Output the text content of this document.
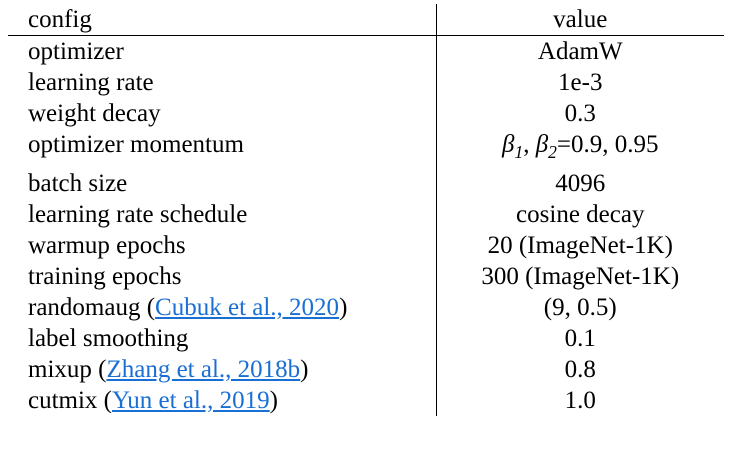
config	value
optimizer	AdamW
learning rate	1e-3
weight decay	0.3
optimizer momentum	$\beta_1$, $\beta_2=0.9$, 0.95
batch size	4096
learning rate schedule	cosine decay
warmup epochs	20 (ImageNet-1K)
training epochs	300 (ImageNet-1K)
randomaug (Cubuk et al., 2020)	(9, 0.5)
label smoothing	0.1
mixup (Zhang et al., 2018b)	0.8
cutmix (Yun et al., 2019)	1.0
